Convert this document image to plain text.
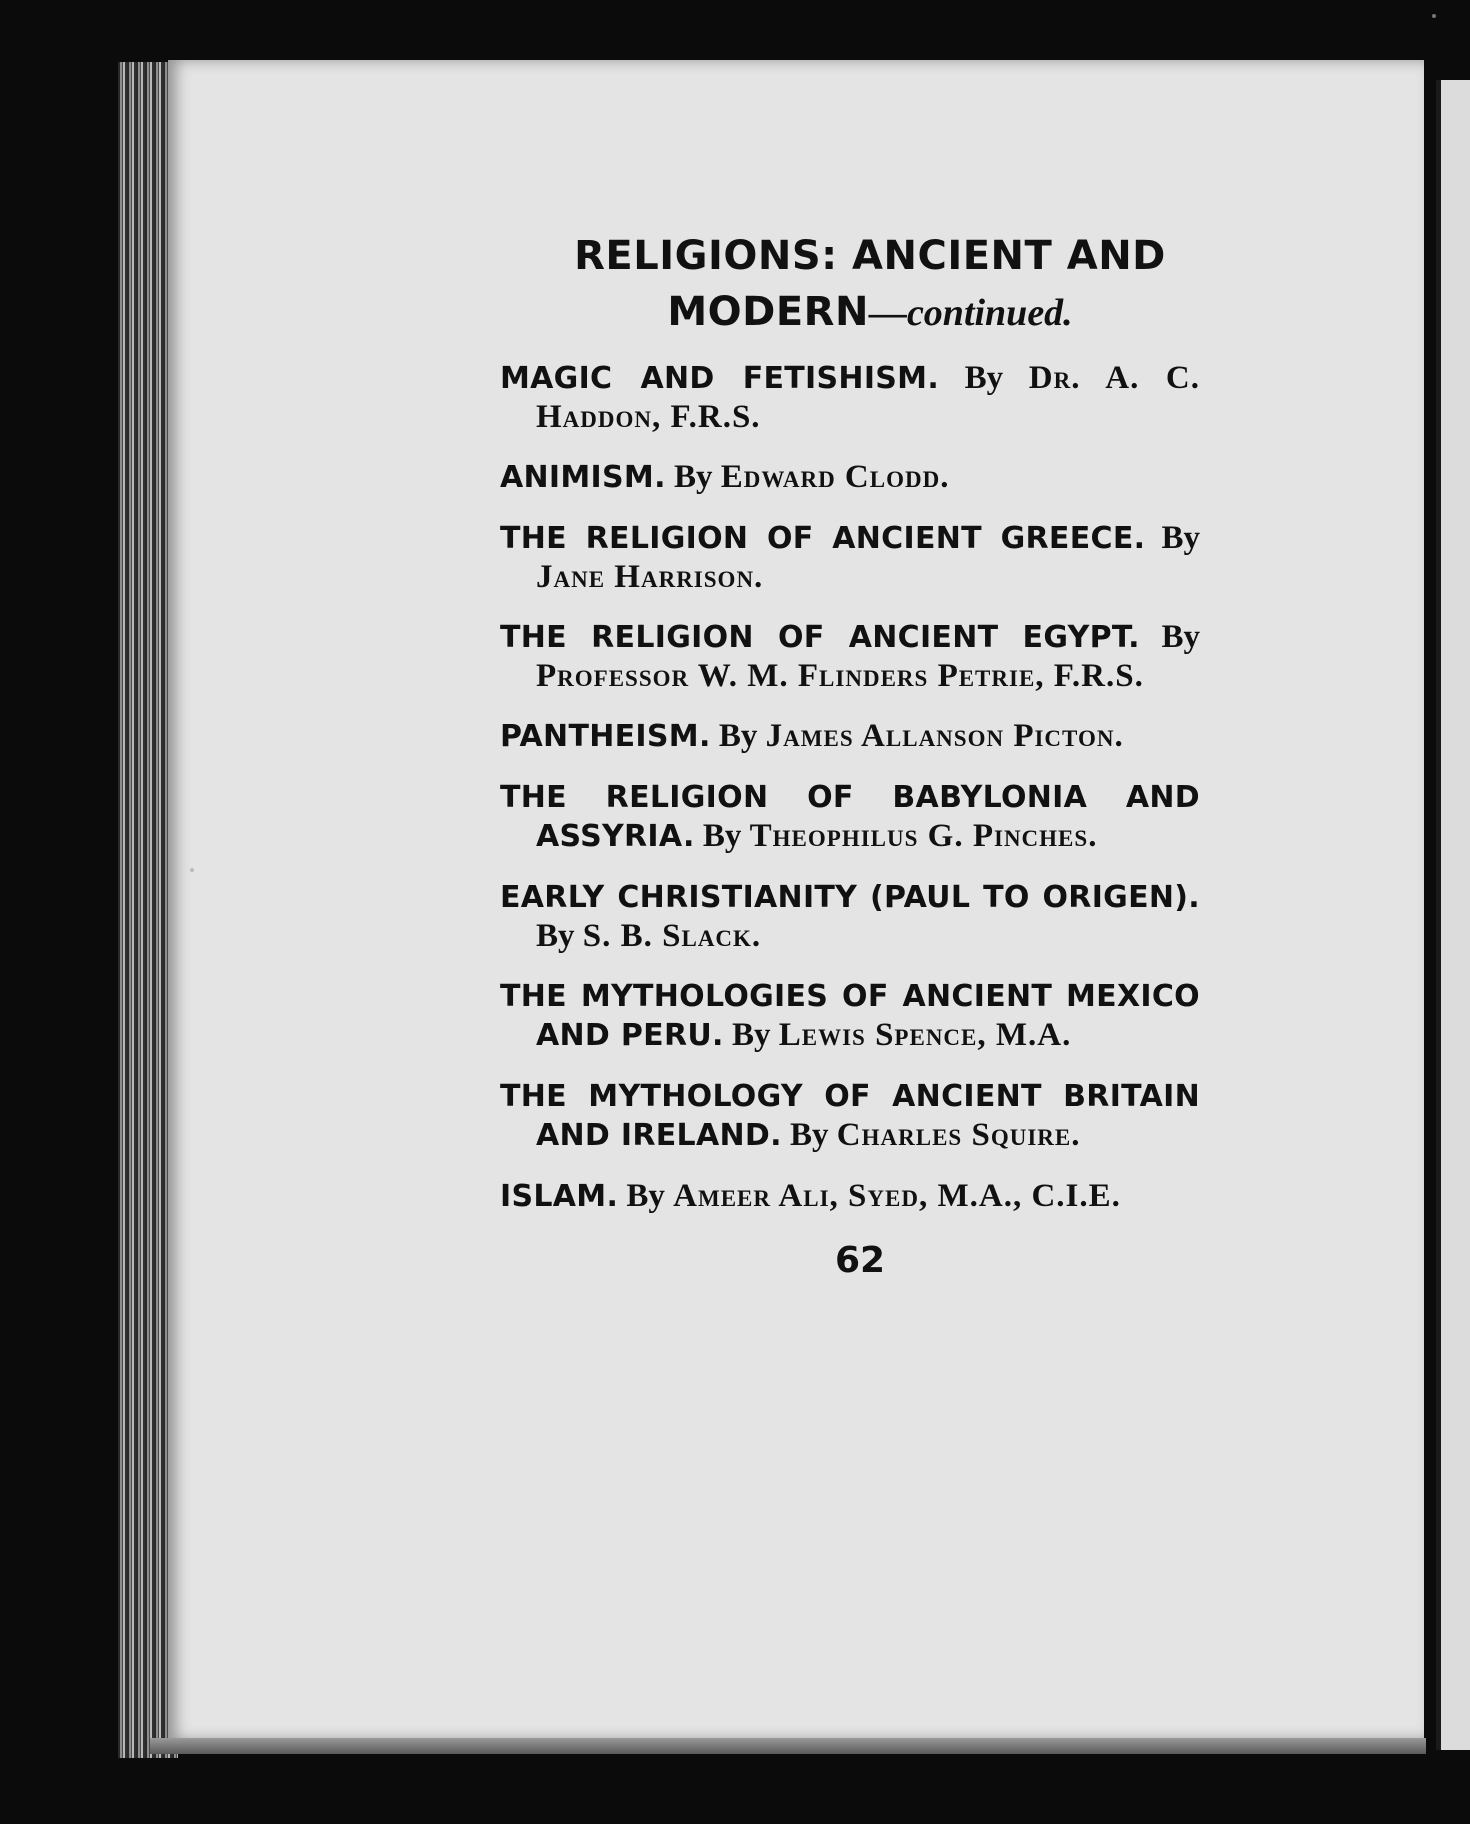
RELIGIONS: ANCIENT AND
MODERN—continued.
MAGIC AND FETISHISM. By Dr. A. C. Haddon, F.R.S.
ANIMISM. By Edward Clodd.
THE RELIGION OF ANCIENT GREECE. By Jane Harrison.
THE RELIGION OF ANCIENT EGYPT. By Professor W. M. Flinders Petrie, F.R.S.
PANTHEISM. By James Allanson Picton.
THE RELIGION OF BABYLONIA AND ASSYRIA. By Theophilus G. Pinches.
EARLY CHRISTIANITY (PAUL TO ORIGEN). By S. B. Slack.
THE MYTHOLOGIES OF ANCIENT MEXICO AND PERU. By Lewis Spence, M.A.
THE MYTHOLOGY OF ANCIENT BRITAIN AND IRELAND. By Charles Squire.
ISLAM. By Ameer Ali, Syed, M.A., C.I.E.
62
